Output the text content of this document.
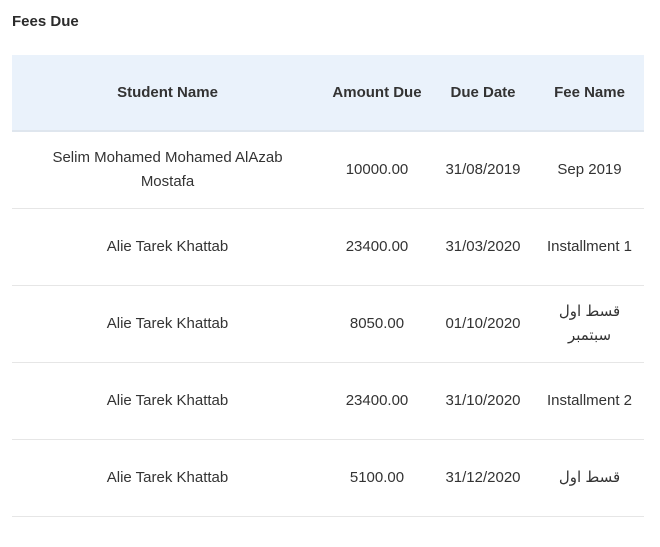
Fees Due
Student Name	Amount Due	Due Date	Fee Name
Selim Mohamed Mohamed AlAzab Mostafa	10000.00	31/08/2019	Sep 2019
Alie Tarek Khattab	23400.00	31/03/2020	Installment 1
Alie Tarek Khattab	8050.00	01/10/2020	قسط اول سبتمبر
Alie Tarek Khattab	23400.00	31/10/2020	Installment 2
Alie Tarek Khattab	5100.00	31/12/2020	قسط اول
